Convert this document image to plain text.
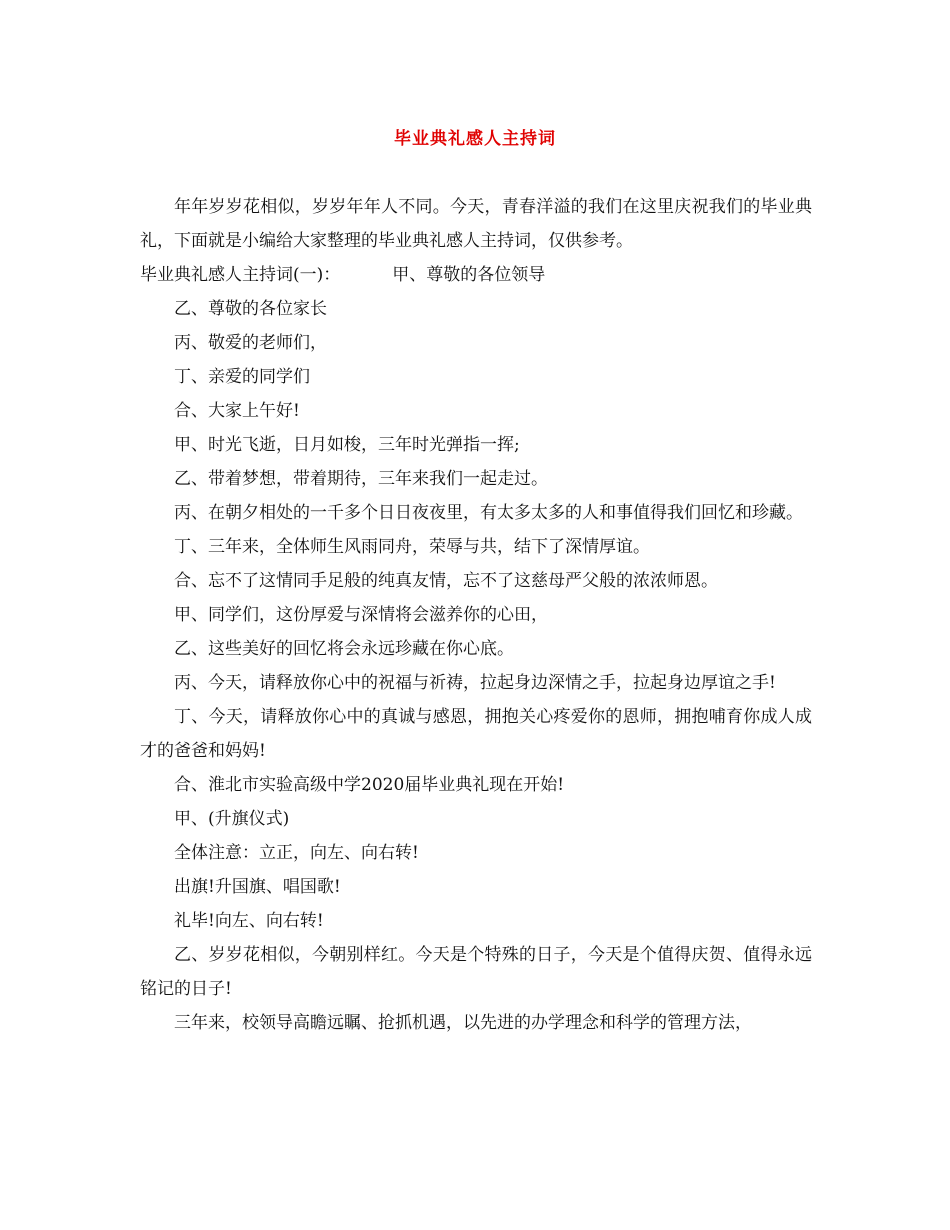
毕业典礼感人主持词

年年岁岁花相似，岁岁年年人不同。今天，青春洋溢的我们在这里庆祝我们的毕业典礼，下面就是小编给大家整理的毕业典礼感人主持词，仅供参考。

毕业典礼感人主持词(一)：	甲、尊敬的各位领导

乙、尊敬的各位家长

丙、敬爱的老师们，

丁、亲爱的同学们

合、大家上午好!

甲、时光飞逝，日月如梭，三年时光弹指一挥;

乙、带着梦想，带着期待，三年来我们一起走过。

丙、在朝夕相处的一千多个日日夜夜里，有太多太多的人和事值得我们回忆和珍藏。

丁、三年来，全体师生风雨同舟，荣辱与共，结下了深情厚谊。

合、忘不了这情同手足般的纯真友情，忘不了这慈母严父般的浓浓师恩。

甲、同学们，这份厚爱与深情将会滋养你的心田，

乙、这些美好的回忆将会永远珍藏在你心底。

丙、今天，请释放你心中的祝福与祈祷，拉起身边深情之手，拉起身边厚谊之手!

丁、今天，请释放你心中的真诚与感恩，拥抱关心疼爱你的恩师，拥抱哺育你成人成才的爸爸和妈妈!

合、淮北市实验高级中学2020届毕业典礼现在开始!

甲、(升旗仪式)

全体注意：立正，向左、向右转!

出旗!升国旗、唱国歌!

礼毕!向左、向右转!

乙、岁岁花相似，今朝别样红。今天是个特殊的日子，今天是个值得庆贺、值得永远铭记的日子!

三年来，校领导高瞻远瞩、抢抓机遇，以先进的办学理念和科学的管理方法，
